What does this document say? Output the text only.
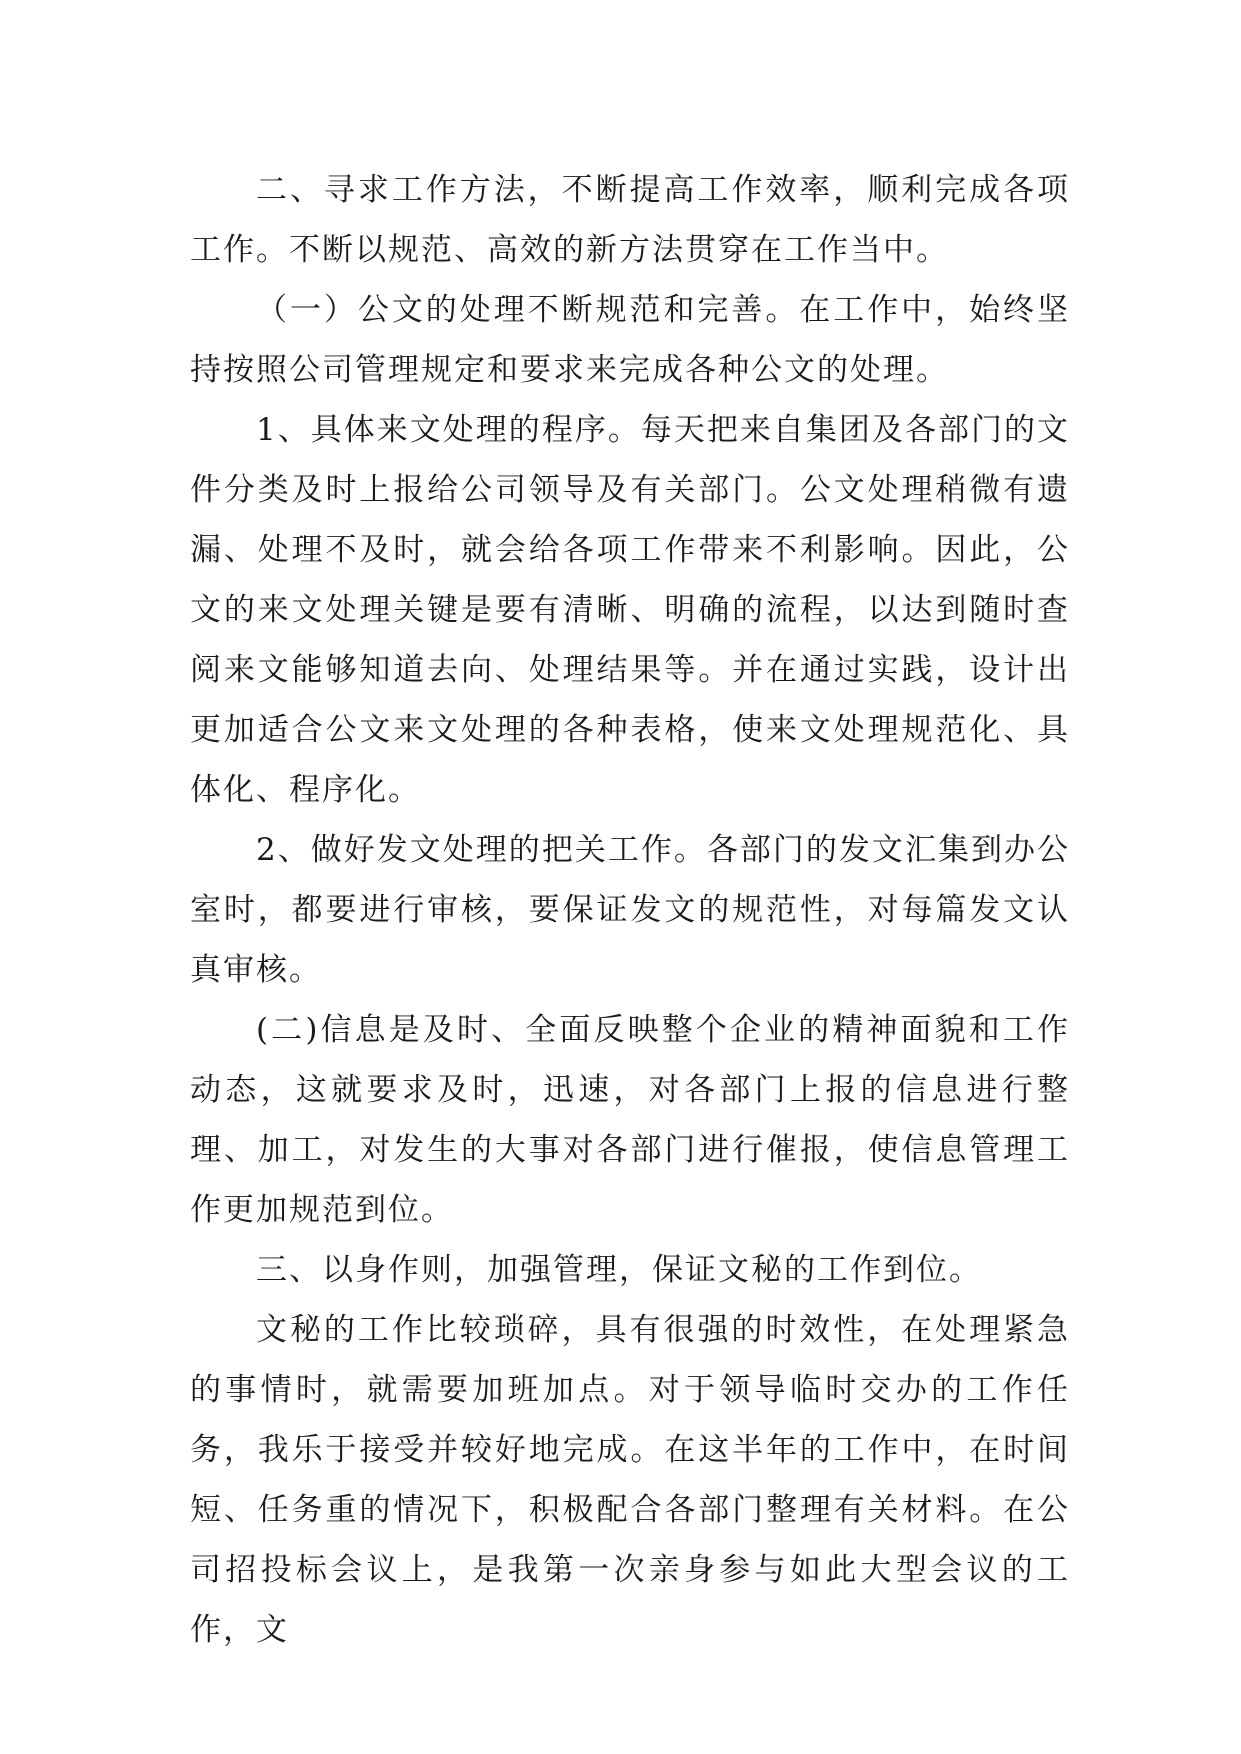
二、寻求工作方法，不断提高工作效率，顺利完成各项工作。不断以规范、高效的新方法贯穿在工作当中。

（一）公文的处理不断规范和完善。在工作中，始终坚持按照公司管理规定和要求来完成各种公文的处理。

1、具体来文处理的程序。每天把来自集团及各部门的文件分类及时上报给公司领导及有关部门。公文处理稍微有遗漏、处理不及时，就会给各项工作带来不利影响。因此，公文的来文处理关键是要有清晰、明确的流程，以达到随时查阅来文能够知道去向、处理结果等。并在通过实践，设计出更加适合公文来文处理的各种表格，使来文处理规范化、具体化、程序化。

2、做好发文处理的把关工作。各部门的发文汇集到办公室时，都要进行审核，要保证发文的规范性，对每篇发文认真审核。

(二)信息是及时、全面反映整个企业的精神面貌和工作动态，这就要求及时，迅速，对各部门上报的信息进行整理、加工，对发生的大事对各部门进行催报，使信息管理工作更加规范到位。

三、以身作则，加强管理，保证文秘的工作到位。

文秘的工作比较琐碎，具有很强的时效性，在处理紧急的事情时，就需要加班加点。对于领导临时交办的工作任务，我乐于接受并较好地完成。在这半年的工作中，在时间短、任务重的情况下，积极配合各部门整理有关材料。在公司招投标会议上，是我第一次亲身参与如此大型会议的工作，文
